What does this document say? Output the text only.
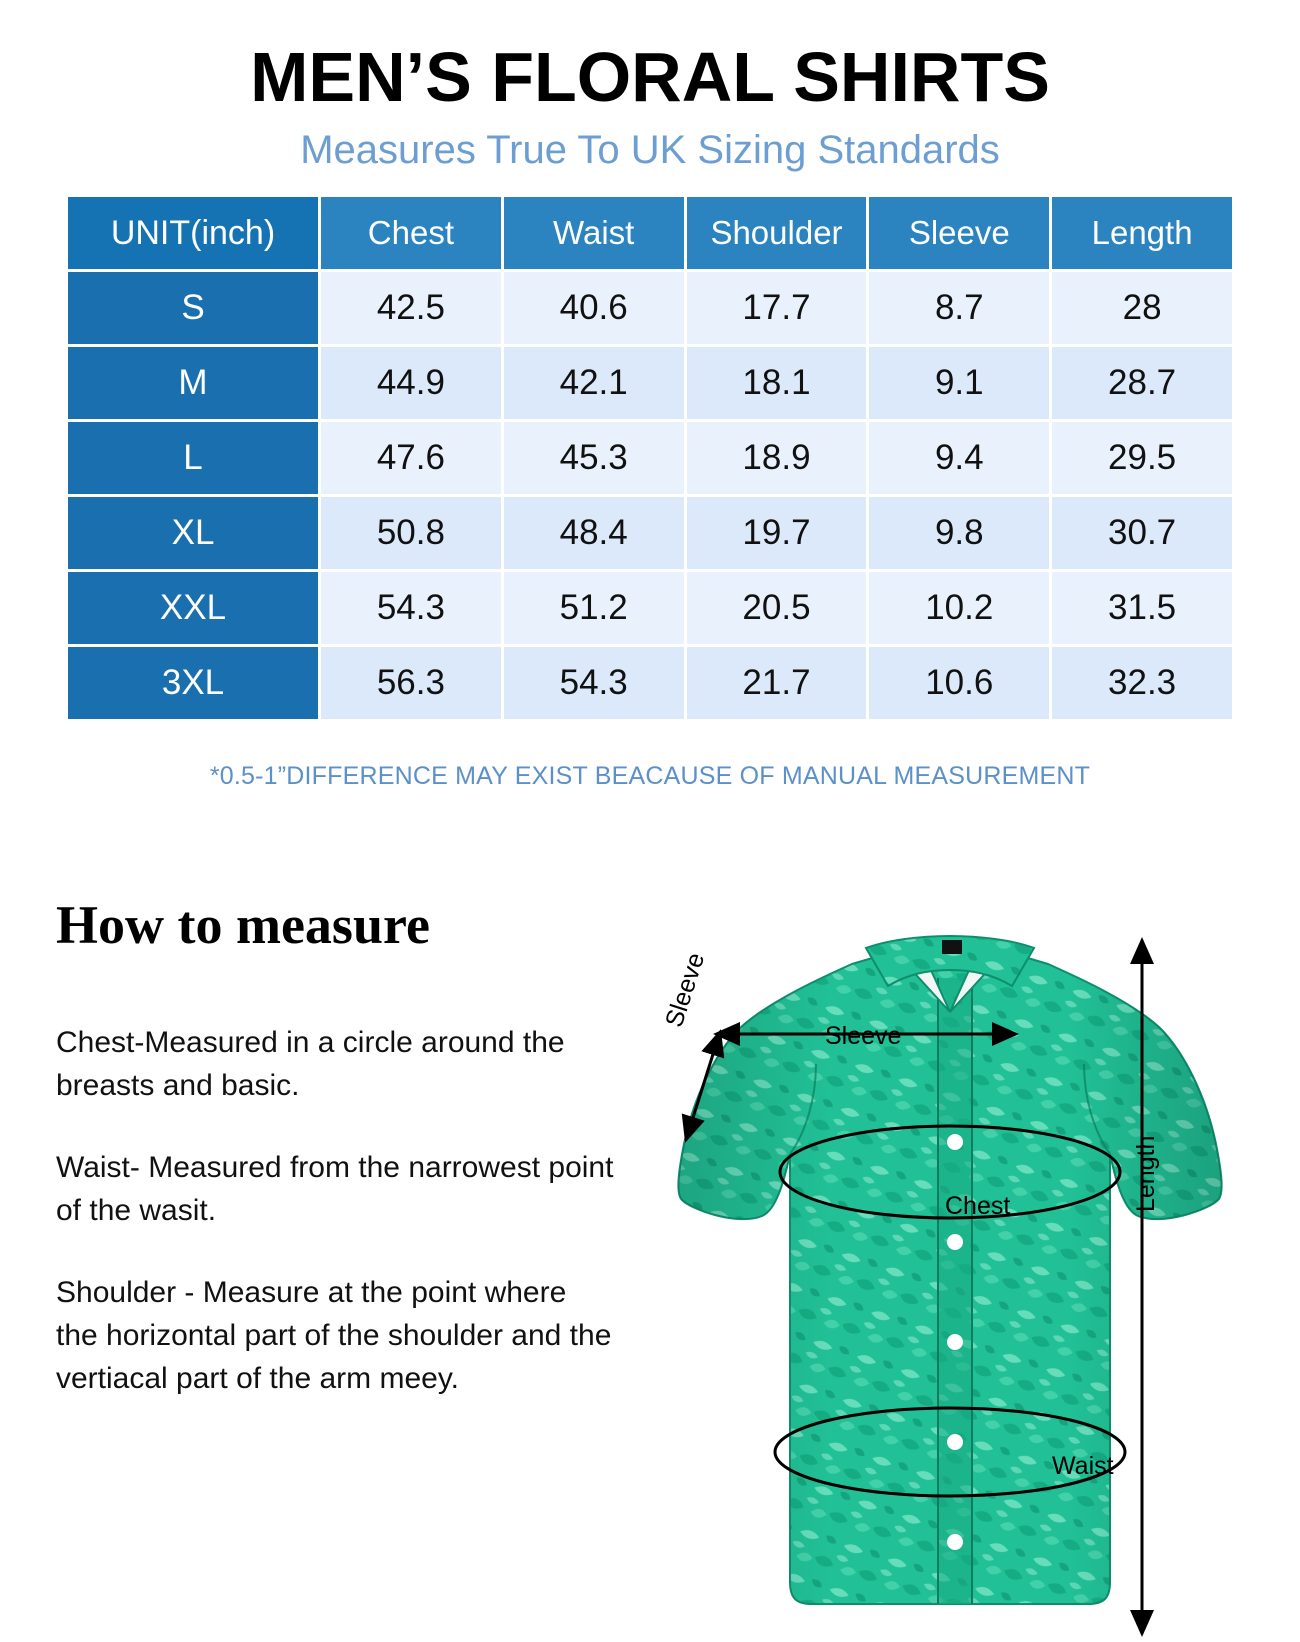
MEN’S FLORAL SHIRTS
Measures True To UK Sizing Standards
UNIT(inch)	Chest	Waist	Shoulder	Sleeve	Length
S	42.5	40.6	17.7	8.7	28
M	44.9	42.1	18.1	9.1	28.7
L	47.6	45.3	18.9	9.4	29.5
XL	50.8	48.4	19.7	9.8	30.7
XXL	54.3	51.2	20.5	10.2	31.5
3XL	56.3	54.3	21.7	10.6	32.3
*0.5-1”DIFFERENCE MAY EXIST BEACAUSE OF MANUAL MEASUREMENT
How to measure
Chest-Measured in a circle around the breasts and basic.
Waist- Measured from the narrowest point of the wasit.
Shoulder - Measure at the point where the horizontal part of the shoulder and the vertiacal part of the arm meey.
Sleeve
Sleeve
Chest	Length
Waist
